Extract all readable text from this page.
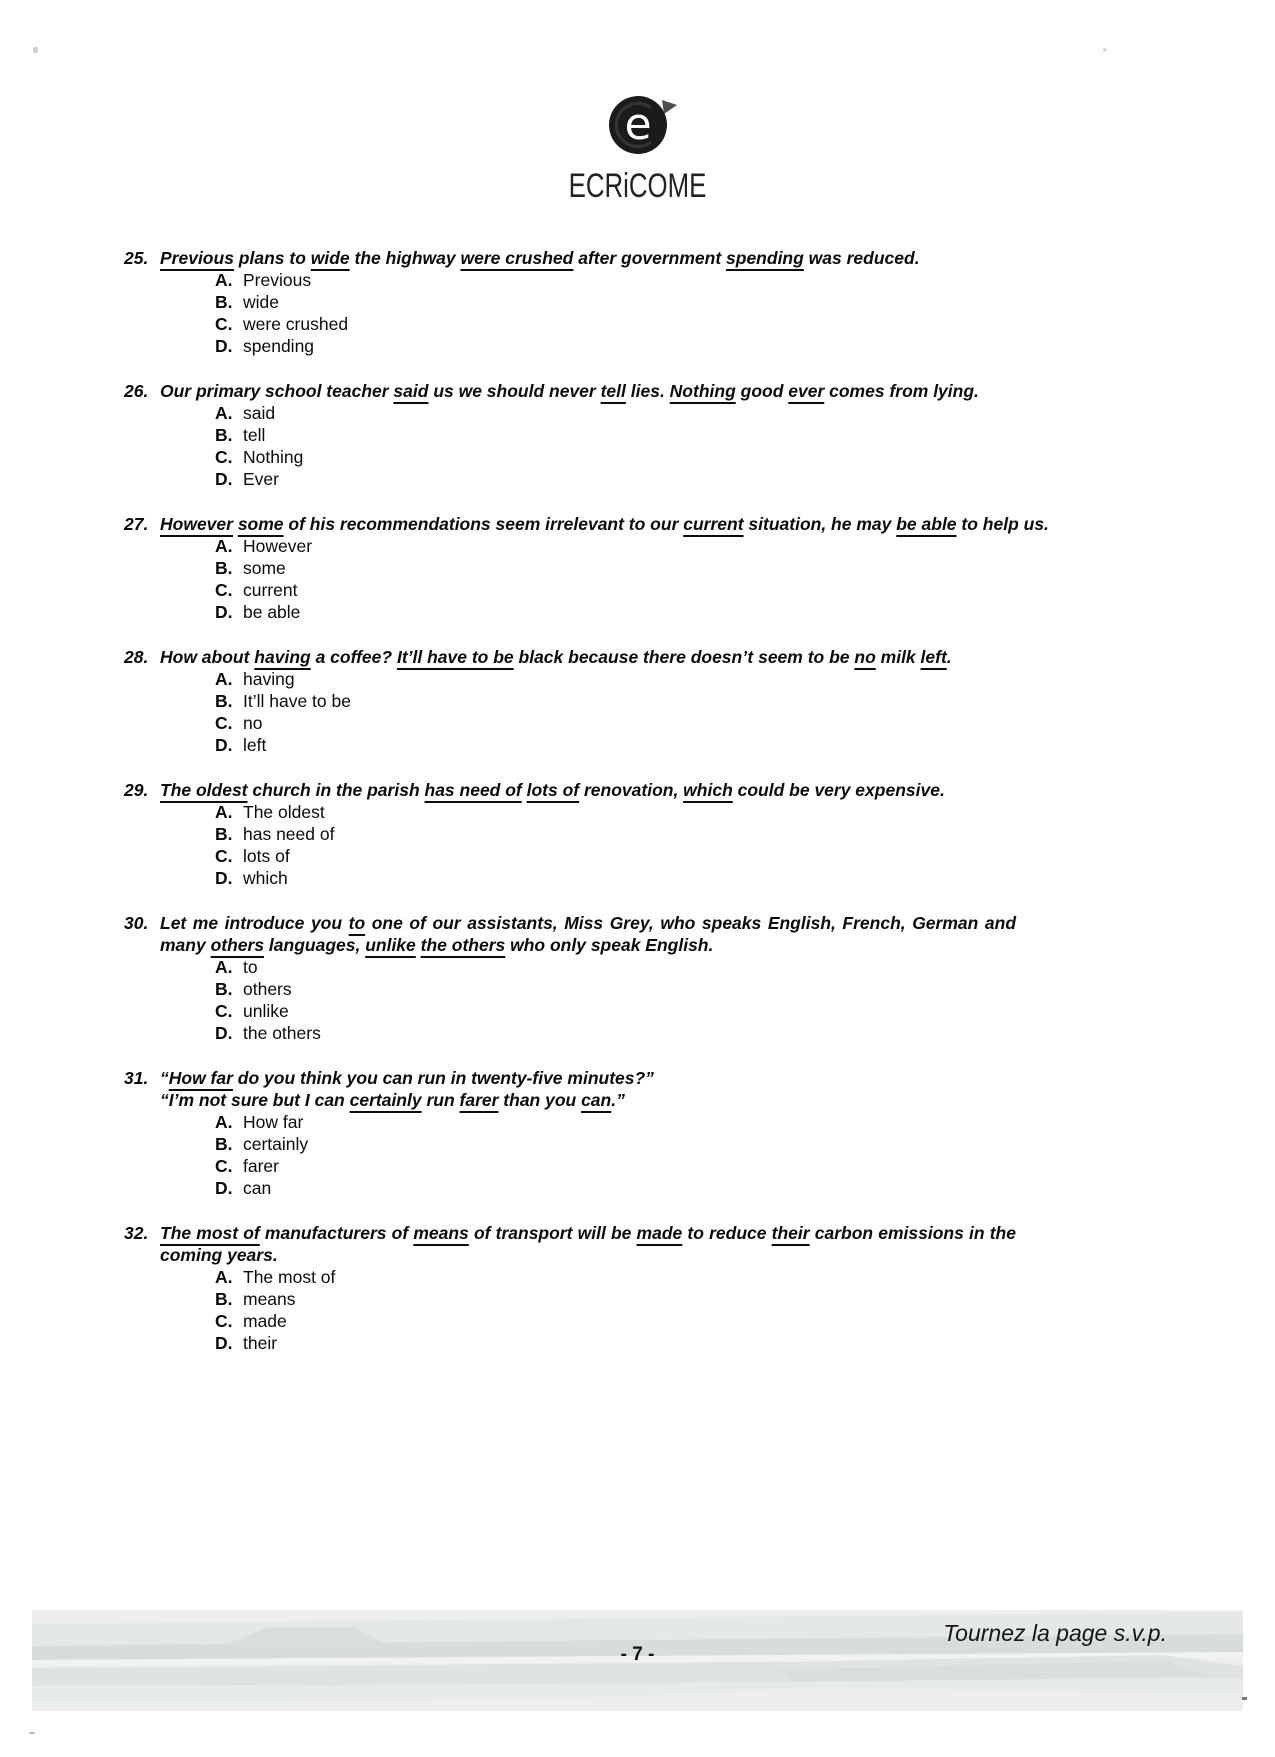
e
ECRiCOME
25. Previous plans to wide the highway were crushed after government spending was reduced.
A. Previous
B. wide
C. were crushed
D. spending
26. Our primary school teacher said us we should never tell lies. Nothing good ever comes from lying.
A. said
B. tell
C. Nothing
D. Ever
27. However some of his recommendations seem irrelevant to our current situation, he may be able to help us.
A. However
B. some
C. current
D. be able
28. How about having a coffee? It’ll have to be black because there doesn’t seem to be no milk left.
A. having
B. It’ll have to be
C. no
D. left
29. The oldest church in the parish has need of lots of renovation, which could be very expensive.
A. The oldest
B. has need of
C. lots of
D. which
30. Let me introduce you to one of our assistants, Miss Grey, who speaks English, French, German and
many others languages, unlike the others who only speak English.
A. to
B. others
C. unlike
D. the others
31. “How far do you think you can run in twenty-five minutes?”
“I’m not sure but I can certainly run farer than you can.”
A. How far
B. certainly
C. farer
D. can
32. The most of manufacturers of means of transport will be made to reduce their carbon emissions in the
coming years.
A. The most of
B. means
C. made
D. their
Tournez la page s.v.p.
- 7 -
